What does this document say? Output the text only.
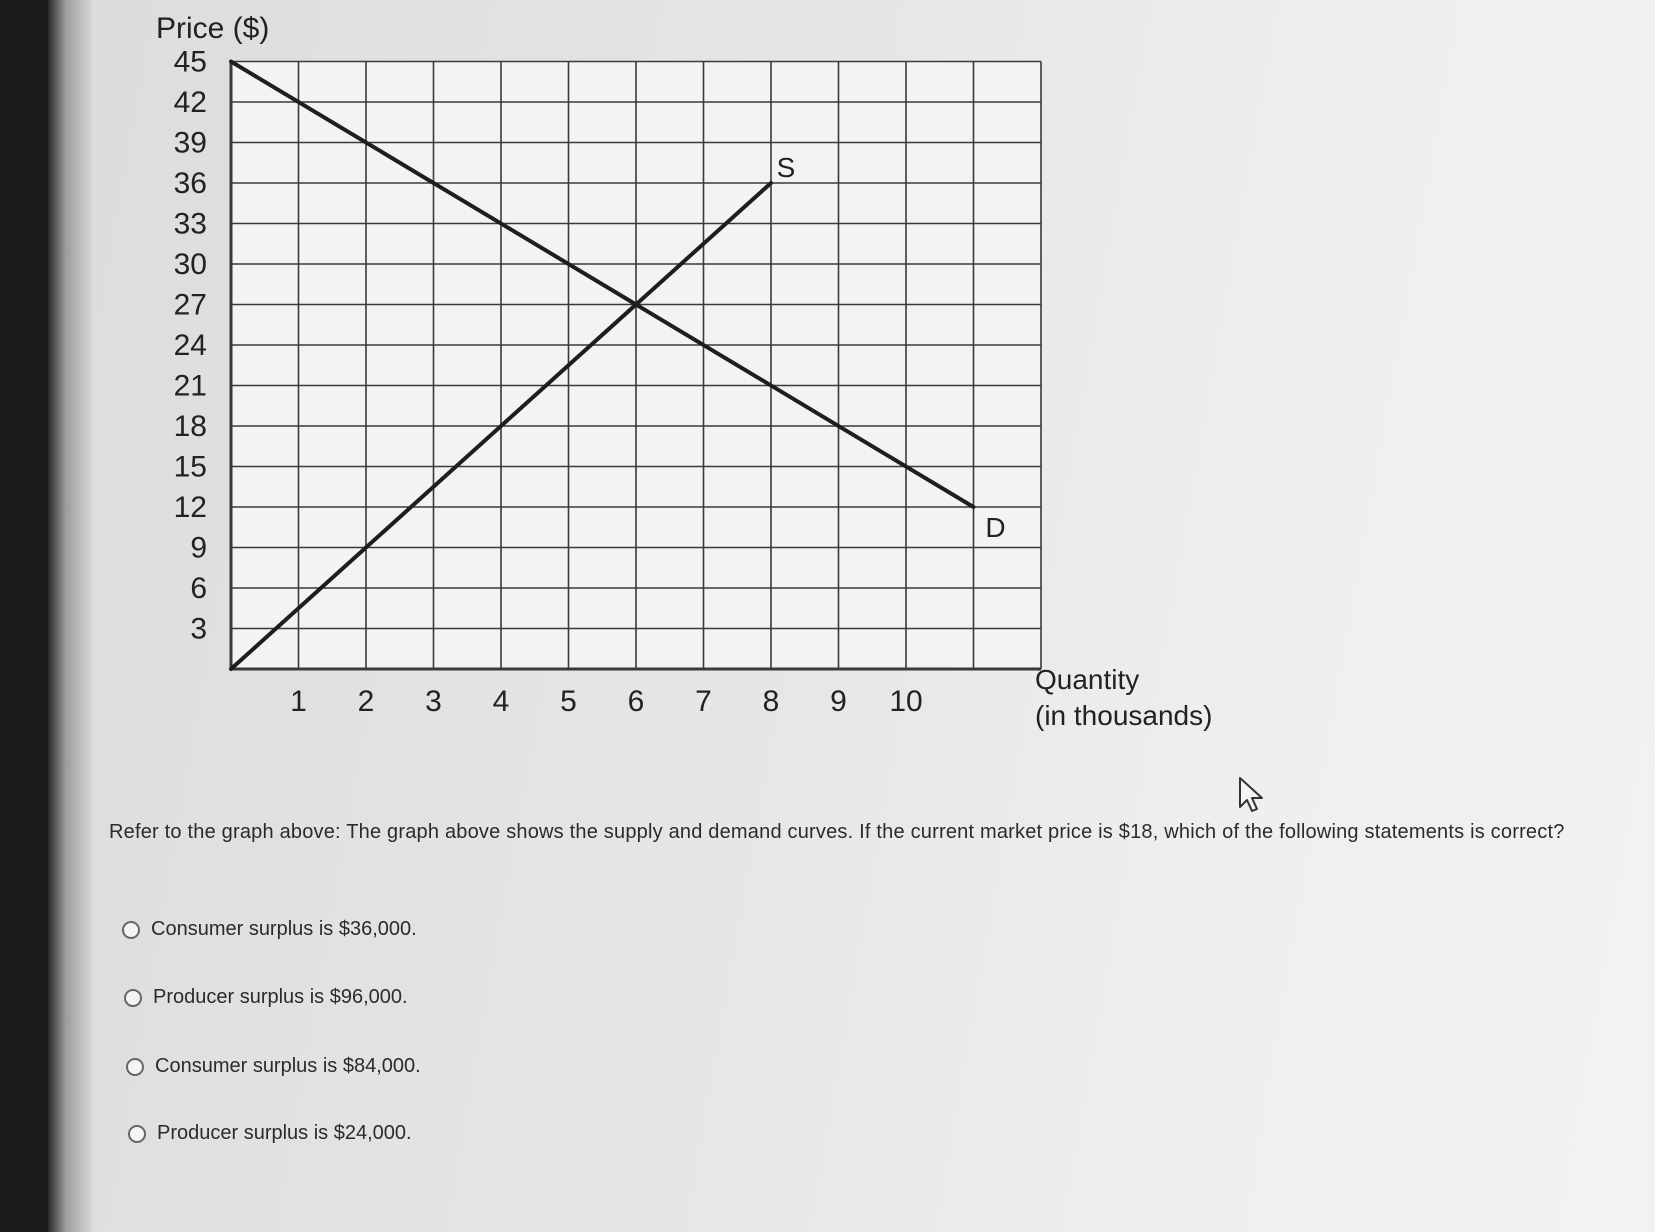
45
42
39
36
33
30
27
24
21
18
15
12
9
6
3
1 2 3 4 5 6 7 8 9 10
S
D
Price ($)
Quantity
(in thousands)
Refer to the graph above: The graph above shows the supply and demand curves. If the current market price is $18, which of the following statements is correct?
Consumer surplus is $36,000.
Producer surplus is $96,000.
Consumer surplus is $84,000.
Producer surplus is $24,000.
